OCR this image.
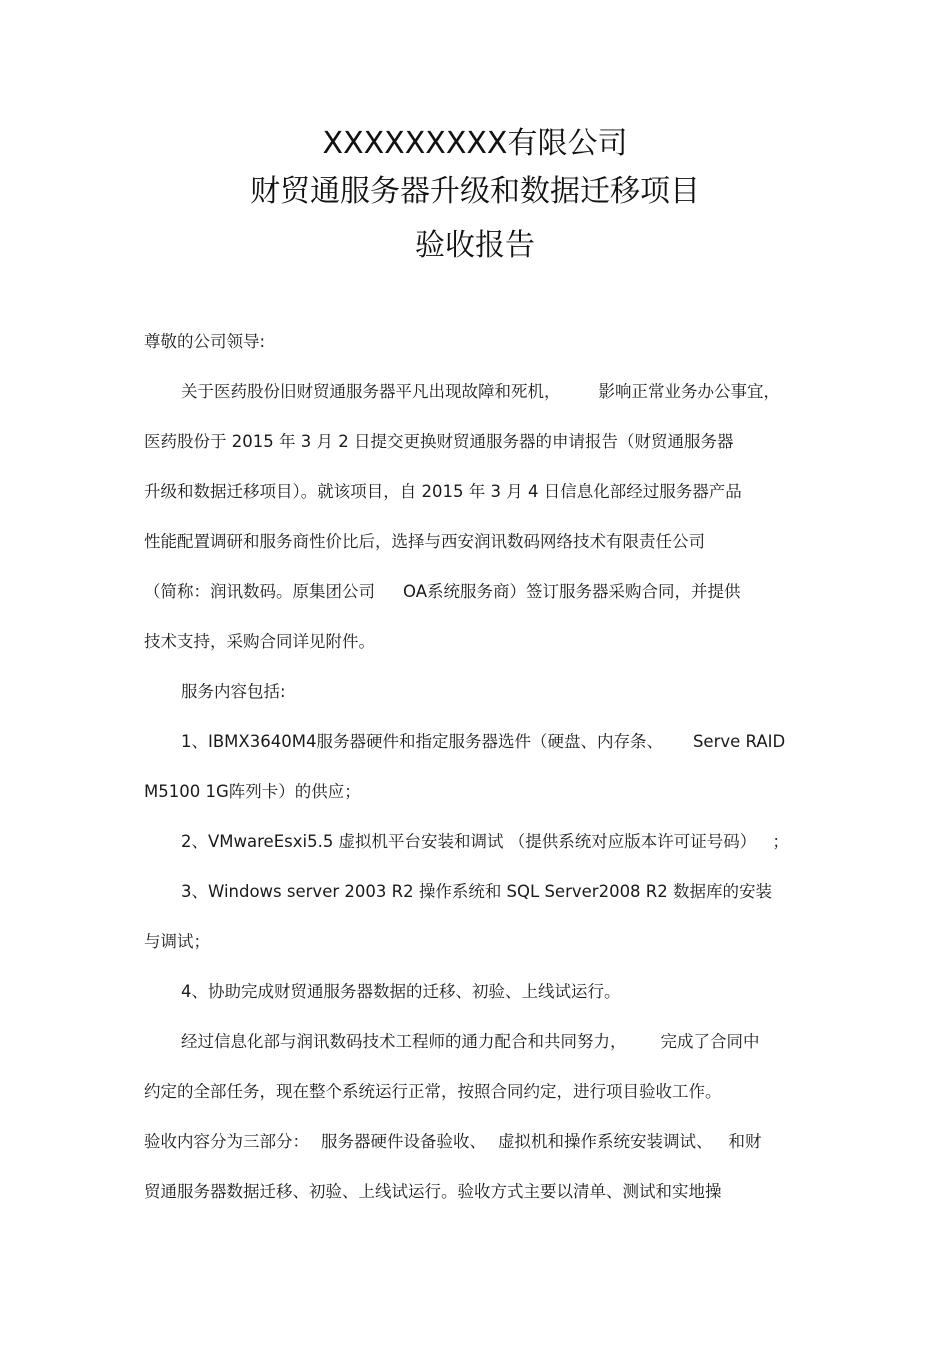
XXXXXXXXX有限公司
财贸通服务器升级和数据迁移项目
验收报告
尊敬的公司领导:
关于医药股份旧财贸通服务器平凡出现故障和死机， 影响正常业务办公事宜，
医药股份于 2015 年 3 月 2 日提交更换财贸通服务器的申请报告（财贸通服务器
升级和数据迁移项目）。就该项目，自 2015 年 3 月 4 日信息化部经过服务器产品
性能配置调研和服务商性价比后，选择与西安润讯数码网络技术有限责任公司
（简称：润讯数码。原集团公司 OA系统服务商）签订服务器采购合同，并提供
技术支持，采购合同详见附件。
服务内容包括:
1、IBMX3640M4服务器硬件和指定服务器选件（硬盘、内存条、 Serve RAID
M5100 1G阵列卡）的供应；
2、VMwareEsxi5.5 虚拟机平台安装和调试 （提供系统对应版本许可证号码） ；
3、Windows server 2003 R2 操作系统和 SQL Server2008 R2 数据库的安装
与调试；
4、协助完成财贸通服务器数据的迁移、初验、上线试运行。
经过信息化部与润讯数码技术工程师的通力配合和共同努力， 完成了合同中
约定的全部任务，现在整个系统运行正常，按照合同约定，进行项目验收工作。
验收内容分为三部分： 服务器硬件设备验收、 虚拟机和操作系统安装调试、 和财
贸通服务器数据迁移、初验、上线试运行。验收方式主要以清单、测试和实地操
